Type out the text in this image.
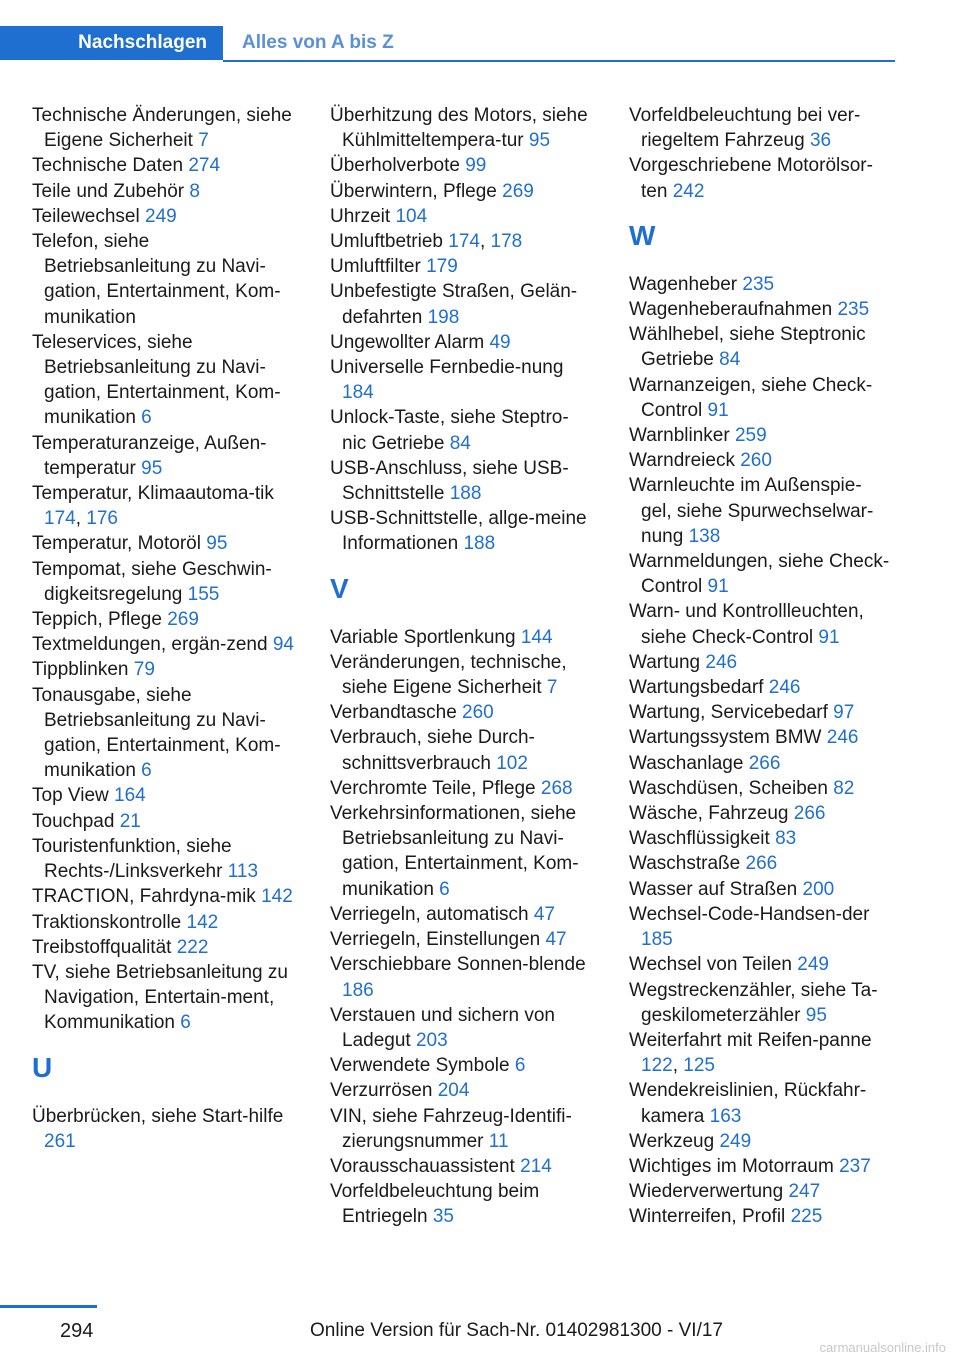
Nachschlagen	Alles von A bis Z
Technische Änderungen, siehe Eigene Sicherheit 7
Technische Daten 274
Teile und Zubehör 8
Teilewechsel 249
Telefon, siehe Betriebsanleitung zu Navi-gation, Entertainment, Kom-munikation
Teleservices, siehe Betriebsanleitung zu Navi-gation, Entertainment, Kom-munikation 6
Temperaturanzeige, Außen-temperatur 95
Temperatur, Klimaautoma-tik 174, 176
Temperatur, Motoröl 95
Tempomat, siehe Geschwin-digkeitsregelung 155
Teppich, Pflege 269
Textmeldungen, ergän-zend 94
Tippblinken 79
Tonausgabe, siehe Betriebsanleitung zu Navi-gation, Entertainment, Kom-munikation 6
Top View 164
Touchpad 21
Touristenfunktion, siehe Rechts-/Linksverkehr 113
TRACTION, Fahrdyna-mik 142
Traktionskontrolle 142
Treibstoffqualität 222
TV, siehe Betriebsanleitung zu Navigation, Entertain-ment, Kommunikation 6
U
Überbrücken, siehe Start-hilfe 261
Überhitzung des Motors, siehe Kühlmitteltempera-tur 95
Überholverbote 99
Überwintern, Pflege 269
Uhrzeit 104
Umluftbetrieb 174, 178
Umluftfilter 179
Unbefestigte Straßen, Gelän-defahrten 198
Ungewollter Alarm 49
Universelle Fernbedie-nung 184
Unlock-Taste, siehe Steptro-nic Getriebe 84
USB-Anschluss, siehe USB-Schnittstelle 188
USB-Schnittstelle, allge-meine Informationen 188
V
Variable Sportlenkung 144
Veränderungen, technische, siehe Eigene Sicherheit 7
Verbandtasche 260
Verbrauch, siehe Durch-schnittsverbrauch 102
Verchromte Teile, Pflege 268
Verkehrsinformationen, siehe Betriebsanleitung zu Navi-gation, Entertainment, Kom-munikation 6
Verriegeln, automatisch 47
Verriegeln, Einstellungen 47
Verschiebbare Sonnen-blende 186
Verstauen und sichern von Ladegut 203
Verwendete Symbole 6
Verzurrösen 204
VIN, siehe Fahrzeug-Identifi-zierungsnummer 11
Vorausschauassistent 214
Vorfeldbeleuchtung beim Entriegeln 35
Vorfeldbeleuchtung bei ver-riegeltem Fahrzeug 36
Vorgeschriebene Motorölsor-ten 242
W
Wagenheber 235
Wagenheberaufnahmen 235
Wählhebel, siehe Steptronic Getriebe 84
Warnanzeigen, siehe Check-Control 91
Warnblinker 259
Warndreieck 260
Warnleuchte im Außenspie-gel, siehe Spurwechselwar-nung 138
Warnmeldungen, siehe Check-Control 91
Warn- und Kontrollleuchten, siehe Check-Control 91
Wartung 246
Wartungsbedarf 246
Wartung, Servicebedarf 97
Wartungssystem BMW 246
Waschanlage 266
Waschdüsen, Scheiben 82
Wäsche, Fahrzeug 266
Waschflüssigkeit 83
Waschstraße 266
Wasser auf Straßen 200
Wechsel-Code-Handsen-der 185
Wechsel von Teilen 249
Wegstreckenzähler, siehe Ta-geskilometerzähler 95
Weiterfahrt mit Reifen-panne 122, 125
Wendekreislinien, Rückfahr-kamera 163
Werkzeug 249
Wichtiges im Motorraum 237
Wiederverwertung 247
Winterreifen, Profil 225
294	Online Version für Sach-Nr. 01402981300 - VI/17
carmanualsonline.info
